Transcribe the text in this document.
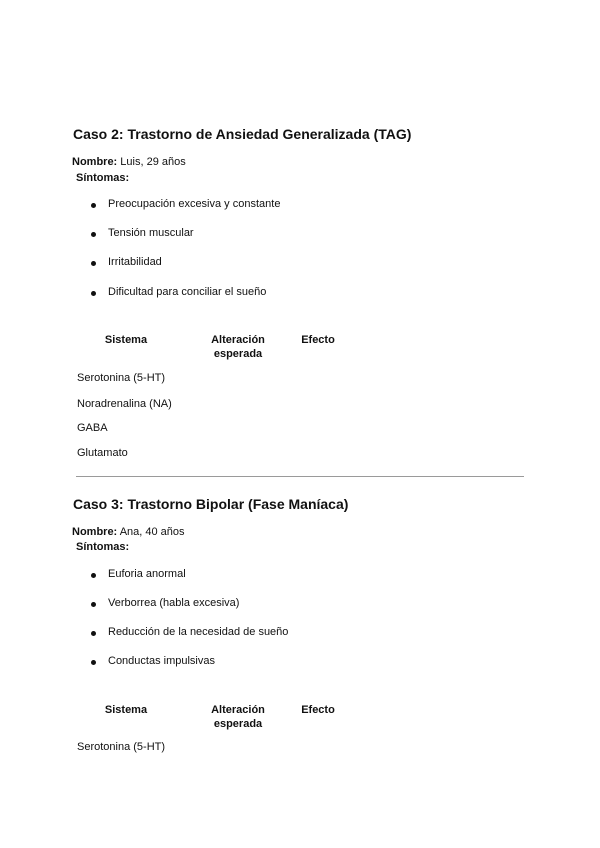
Caso 2: Trastorno de Ansiedad Generalizada (TAG)
Nombre: Luis, 29 años
Síntomas:
Preocupación excesiva y constante
Tensión muscular
Irritabilidad
Dificultad para conciliar el sueño
Sistema	Alteración esperada
Efecto
Serotonina (5-HT)
Noradrenalina (NA)
GABA
Glutamato
Caso 3: Trastorno Bipolar (Fase Maníaca)
Nombre: Ana, 40 años
Síntomas:
Euforia anormal
Verborrea (habla excesiva)
Reducción de la necesidad de sueño
Conductas impulsivas
Sistema	Alteración esperada
Efecto
Serotonina (5-HT)
